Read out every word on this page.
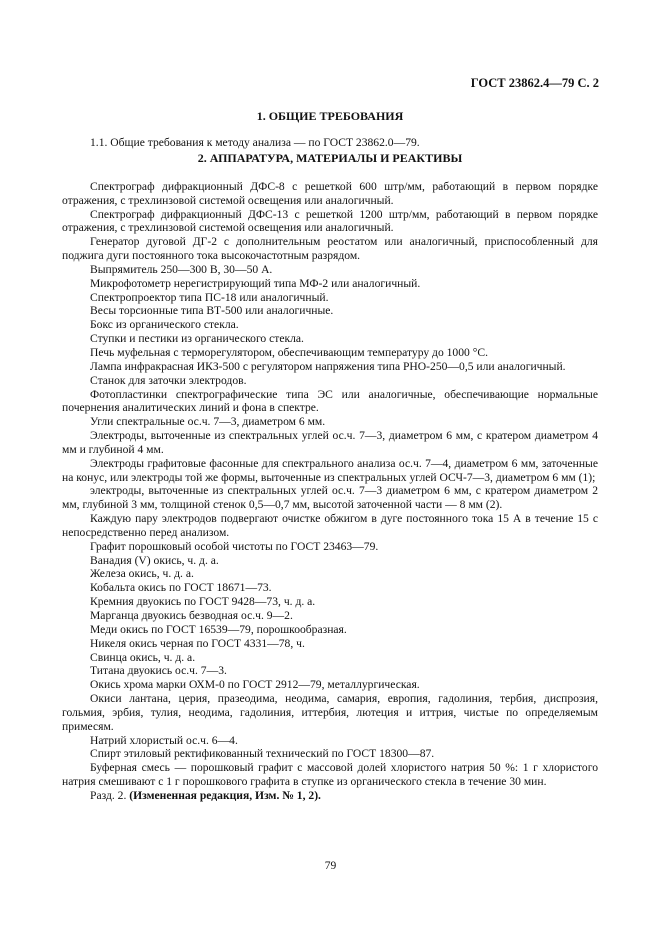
ГОСТ 23862.4—79 С. 2
1. ОБЩИЕ ТРЕБОВАНИЯ

1.1. Общие требования к методу анализа — по ГОСТ 23862.0—79.

2. АППАРАТУРА, МАТЕРИАЛЫ И РЕАКТИВЫ

Спектрограф дифракционный ДФС-8 с решеткой 600 штр/мм, работающий в первом порядке отражения, с трехлинзовой системой освещения или аналогичный.

Спектрограф дифракционный ДФС-13 с решеткой 1200 штр/мм, работающий в первом порядке отражения, с трехлинзовой системой освещения или аналогичный.

Генератор дуговой ДГ-2 с дополнительным реостатом или аналогичный, приспособленный для поджига дуги постоянного тока высокочастотным разрядом.

Выпрямитель 250—300 В, 30—50 А.

Микрофотометр нерегистрирующий типа МФ-2 или аналогичный.

Спектропроектор типа ПС-18 или аналогичный.

Весы торсионные типа ВТ-500 или аналогичные.

Бокс из органического стекла.

Ступки и пестики из органического стекла.

Печь муфельная с терморегулятором, обеспечивающим температуру до 1000 °С.

Лампа инфракрасная ИКЗ-500 с регулятором напряжения типа РНО-250—0,5 или аналогичный.

Станок для заточки электродов.

Фотопластинки спектрографические типа ЭС или аналогичные, обеспечивающие нормальные почернения аналитических линий и фона в спектре.

Угли спектральные ос.ч. 7—3, диаметром 6 мм.

Электроды, выточенные из спектральных углей ос.ч. 7—3, диаметром 6 мм, с кратером диаметром 4 мм и глубиной 4 мм.

Электроды графитовые фасонные для спектрального анализа ос.ч. 7—4, диаметром 6 мм, заточенные на конус, или электроды той же формы, выточенные из спектральных углей ОСЧ-7—3, диаметром 6 мм (1);

электроды, выточенные из спектральных углей ос.ч. 7—3 диаметром 6 мм, с кратером диаметром 2 мм, глубиной 3 мм, толщиной стенок 0,5—0,7 мм, высотой заточенной части — 8 мм (2).

Каждую пару электродов подвергают очистке обжигом в дуге постоянного тока 15 А в течение 15 с непосредственно перед анализом.

Графит порошковый особой чистоты по ГОСТ 23463—79.

Ванадия (V) окись, ч. д. а.

Железа окись, ч. д. а.

Кобальта окись по ГОСТ 18671—73.

Кремния двуокись по ГОСТ 9428—73, ч. д. а.

Марганца двуокись безводная ос.ч. 9—2.

Меди окись по ГОСТ 16539—79, порошкообразная.

Никеля окись черная по ГОСТ 4331—78, ч.

Свинца окись, ч. д. а.

Титана двуокись ос.ч. 7—3.

Окись хрома марки ОХМ-0 по ГОСТ 2912—79, металлургическая.

Окиси лантана, церия, празеодима, неодима, самария, европия, гадолиния, тербия, диспрозия, гольмия, эрбия, тулия, неодима, гадолиния, иттербия, лютеция и иттрия, чистые по определяемым примесям.

Натрий хлористый ос.ч. 6—4.

Спирт этиловый ректификованный технический по ГОСТ 18300—87.

Буферная смесь — порошковый графит с массовой долей хлористого натрия 50 %: 1 г хлористого натрия смешивают с 1 г порошкового графита в ступке из органического стекла в течение 30 мин.

Разд. 2. (Измененная редакция, Изм. № 1, 2).

79
